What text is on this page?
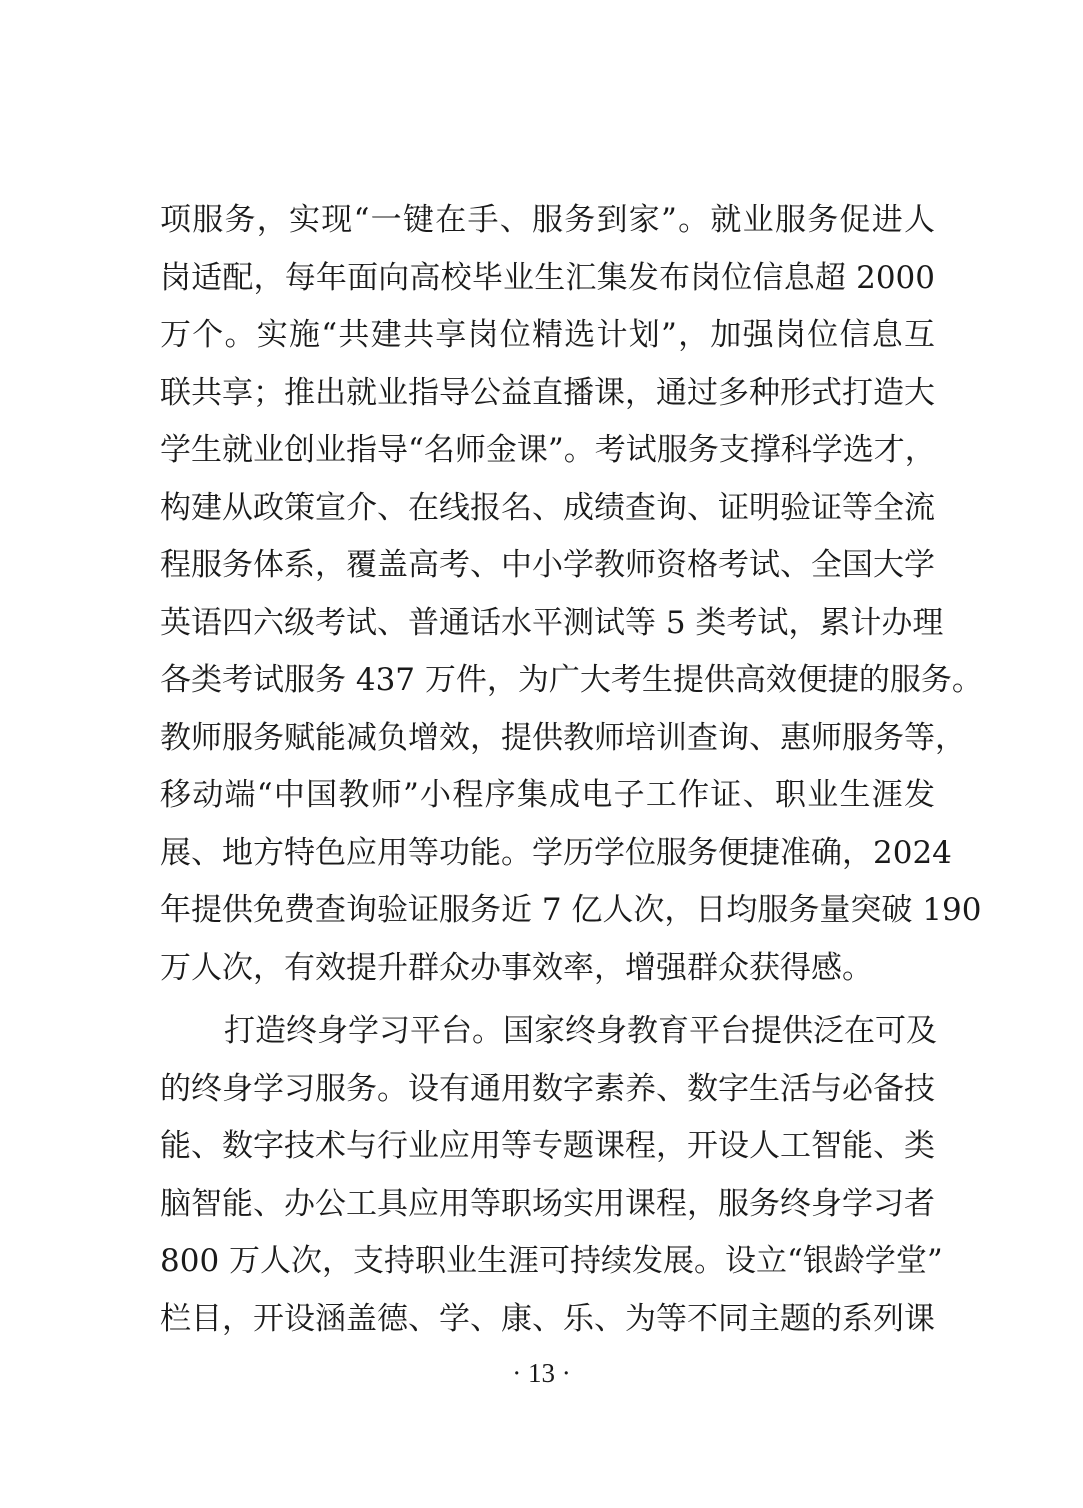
项服务，实现“一键在手、服务到家”。就业服务促进人
岗适配，每年面向高校毕业生汇集发布岗位信息超 2000
万个。实施“共建共享岗位精选计划”，加强岗位信息互
联共享；推出就业指导公益直播课，通过多种形式打造大
学生就业创业指导“名师金课”。考试服务支撑科学选才，
构建从政策宣介、在线报名、成绩查询、证明验证等全流
程服务体系，覆盖高考、中小学教师资格考试、全国大学
英语四六级考试、普通话水平测试等 5 类考试，累计办理
各类考试服务 437 万件，为广大考生提供高效便捷的服务。
教师服务赋能减负增效，提供教师培训查询、惠师服务等，
移动端“中国教师”小程序集成电子工作证、职业生涯发
展、地方特色应用等功能。学历学位服务便捷准确，2024
年提供免费查询验证服务近 7 亿人次，日均服务量突破 190
万人次，有效提升群众办事效率，增强群众获得感。
打造终身学习平台。国家终身教育平台提供泛在可及
的终身学习服务。设有通用数字素养、数字生活与必备技
能、数字技术与行业应用等专题课程，开设人工智能、类
脑智能、办公工具应用等职场实用课程，服务终身学习者
800 万人次，支持职业生涯可持续发展。设立“银龄学堂”
栏目，开设涵盖德、学、康、乐、为等不同主题的系列课
· 13 ·
